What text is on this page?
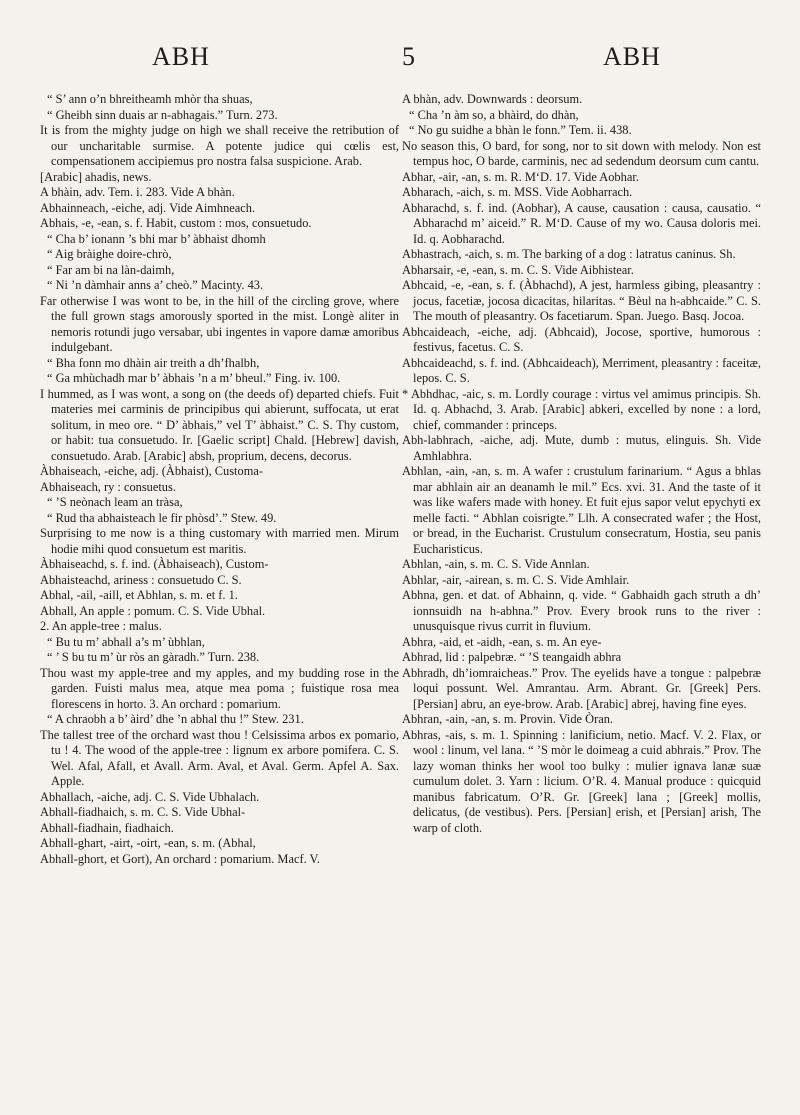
ABH	5	ABH

“ S’ ann o’n bhreitheamh mhòr tha shuas,

“ Gheibh sinn duais ar n-abhagais.” Turn. 273.

It is from the mighty judge on high we shall receive the retribution of our uncharitable surmise. A potente judice qui cœlis est, compensationem accipiemus pro nostra falsa suspicione. Arab.

[Arabic] ahadis, news.

A bhàin, adv. Tem. i. 283. Vide A bhàn.

Abhainneach, -eiche, adj. Vide Aimhneach.

Abhais, -e, -ean, s. f. Habit, custom : mos, consuetudo.

“ Cha b’ ionann ’s bhi mar b’ àbhaist dhomh

“ Aig bràighe doire-chrò,

“ Far am bi na làn-daimh,

“ Ni ’n dàmhair anns a’ cheò.” Macinty. 43.

Far otherwise I was wont to be, in the hill of the circling grove, where the full grown stags amorously sported in the mist. Longè aliter in nemoris rotundi jugo versabar, ubi ingentes in vapore damæ amoribus indulgebant.

“ Bha fonn mo dhàin air treith a dh’fhalbh,

“ Ga mhùchadh mar b’ àbhais ’n a m’ bheul.” Fing. iv. 100.

I hummed, as I was wont, a song on (the deeds of) departed chiefs. Fuit materies mei carminis de principibus qui abierunt, suffocata, ut erat solitum, in meo ore. “ D’ àbhais,” vel T’ àbhaist.” C. S. Thy custom, or habit: tua consuetudo. Ir. [Gaelic script] Chald. [Hebrew] davish, consuetudo. Arab. [Arabic] absh, proprium, decens, decorus.

Àbhaiseach, -eiche, adj. (Àbhaist), Customa-

Abhaiseach, ry : consuetus.

“ ’S neònach leam an tràsa,

“ Rud tha abhaisteach le fir phòsd’.” Stew. 49.

Surprising to me now is a thing customary with married men. Mirum hodie mihi quod consuetum est maritis.

Àbhaiseachd, s. f. ind. (Àbhaiseach), Custom-

Abhaisteachd, ariness : consuetudo C. S.

Abhal, -ail, -aill, et Abhlan, s. m. et f. 1.

Abhall, An apple : pomum. C. S. Vide Ubhal.

2. An apple-tree : malus.

“ Bu tu m’ abhall a’s m’ ùbhlan,

“ ’ S bu tu m’ ùr ròs an gàradh.” Turn. 238.

Thou wast my apple-tree and my apples, and my budding rose in the garden. Fuisti malus mea, atque mea poma ; fuistique rosa mea florescens in horto. 3. An orchard : pomarium.

“ A chraobh a b’ àird’ dhe ’n abhal thu !” Stew. 231.

The tallest tree of the orchard wast thou ! Celsissima arbos ex pomario, tu ! 4. The wood of the apple-tree : lignum ex arbore pomifera. C. S. Wel. Afal, Afall, et Avall. Arm. Aval, et Aval. Germ. Apfel A. Sax. Apple.

Abhallach, -aiche, adj. C. S. Vide Ubhalach.

Abhall-fiadhaich, s. m. C. S. Vide Ubhal-

Abhall-fiadhain, fiadhaich.

Abhall-ghart, -airt, -oirt, -ean, s. m. (Abhal,

Abhall-ghort, et Gort), An orchard : pomarium. Macf. V.

A bhàn, adv. Downwards : deorsum.

“ Cha ’n àm so, a bhàird, do dhàn,

“ No gu suidhe a bhàn le fonn.” Tem. ii. 438.

No season this, O bard, for song, nor to sit down with melody. Non est tempus hoc, O barde, carminis, nec ad sedendum deorsum cum cantu.

Abhar, -air, -an, s. m. R. M‘D. 17. Vide Aobhar.

Abharach, -aich, s. m. MSS. Vide Aobharrach.

Abharachd, s. f. ind. (Aobhar), A cause, causation : causa, causatio. “ Abharachd m’ aiceid.” R. M‘D. Cause of my wo. Causa doloris mei. Id. q. Aobharachd.

Abhastrach, -aich, s. m. The barking of a dog : latratus caninus. Sh.

Abharsair, -e, -ean, s. m. C. S. Vide Aibhistear.

Abhcaid, -e, -ean, s. f. (Àbhachd), A jest, harmless gibing, pleasantry : jocus, facetiæ, jocosa dicacitas, hilaritas. “ Bèul na h-abhcaide.” C. S. The mouth of pleasantry. Os facetiarum. Span. Juego. Basq. Jocoa.

Abhcaideach, -eiche, adj. (Abhcaid), Jocose, sportive, humorous : festivus, facetus. C. S.

Abhcaideachd, s. f. ind. (Abhcaideach), Merriment, pleasantry : faceitæ, lepos. C. S.

* Abhdhac, -aic, s. m. Lordly courage : virtus vel amimus principis. Sh. Id. q. Abhachd, 3. Arab. [Arabic] abkeri, excelled by none : a lord, chief, commander : princeps.

Abh-labhrach, -aiche, adj. Mute, dumb : mutus, elinguis. Sh. Vide Amhlabhra.

Abhlan, -ain, -an, s. m. A wafer : crustulum farinarium. “ Agus a bhlas mar abhlain air an deanamh le mil.” Ecs. xvi. 31. And the taste of it was like wafers made with honey. Et fuit ejus sapor velut epychyti ex melle facti. “ Abhlan coisrigte.” Llh. A consecrated wafer ; the Host, or bread, in the Eucharist. Crustulum consecratum, Hostia, seu panis Eucharisticus.

Abhlan, -ain, s. m. C. S. Vide Annlan.

Abhlar, -air, -airean, s. m. C. S. Vide Amhlair.

Abhna, gen. et dat. of Abhainn, q. vide. “ Gabhaidh gach struth a dh’ ionnsuidh na h-abhna.” Prov. Every brook runs to the river : unusquisque rivus currit in fluvium.

Abhra, -aid, et -aidh, -ean, s. m. An eye-

Abhrad, lid : palpebræ. “ ’S teangaidh abhra

Abhradh, dh’iomraicheas.” Prov. The eyelids have a tongue : palpebræ loqui possunt. Wel. Amrantau. Arm. Abrant. Gr. [Greek] Pers. [Persian] abru, an eye-brow. Arab. [Arabic] abrej, having fine eyes.

Abhran, -ain, -an, s. m. Provin. Vide Òran.

Abhras, -ais, s. m. 1. Spinning : lanificium, netio. Macf. V. 2. Flax, or wool : linum, vel lana. “ ’S mòr le doimeag a cuid abhrais.” Prov. The lazy woman thinks her wool too bulky : mulier ignava lanæ suæ cumulum dolet. 3. Yarn : licium. O’R. 4. Manual produce : quicquid manibus fabricatum. O’R. Gr. [Greek] lana ; [Greek] mollis, delicatus, (de vestibus). Pers. [Persian] erish, et [Persian] arish, The warp of cloth.
